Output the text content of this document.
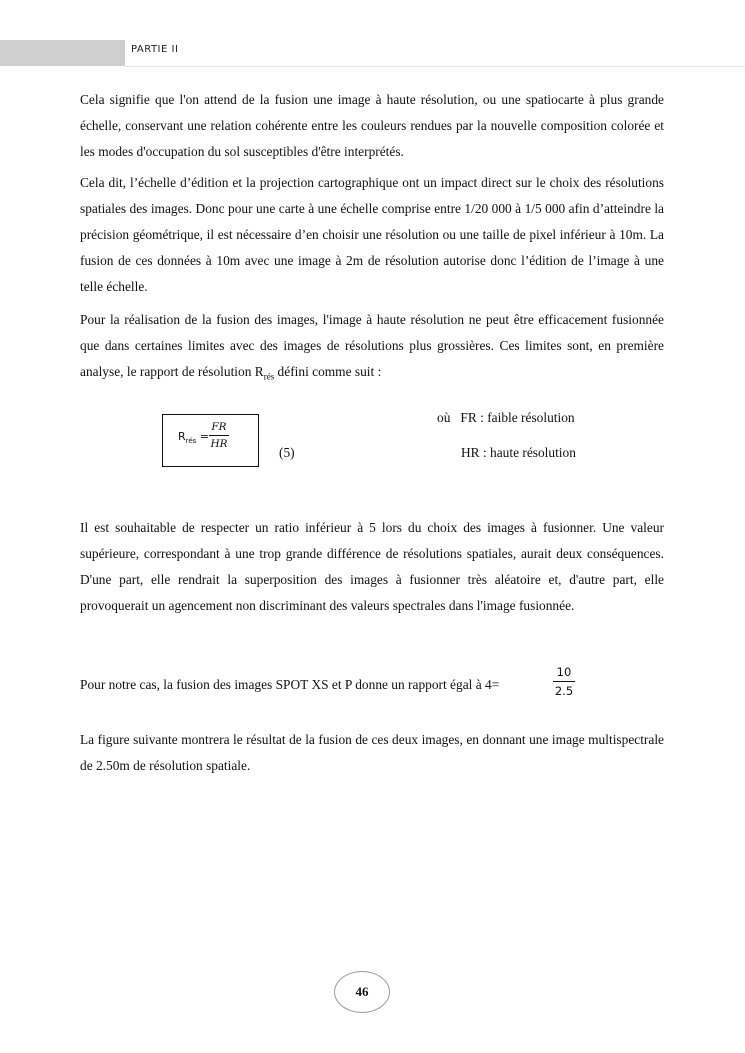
PARTIE II

Cela signifie que l'on attend de la fusion une image à haute résolution, ou une spatiocarte à plus grande échelle, conservant une relation cohérente entre les couleurs rendues par la nouvelle composition colorée et les modes d'occupation du sol susceptibles d'être interprétés.

Cela dit, l’échelle d’édition et la projection cartographique ont un impact direct sur le choix des résolutions spatiales des images. Donc pour une carte à une échelle comprise entre 1/20 000 à 1/5 000 afin d’atteindre la précision géométrique, il est nécessaire d’en choisir une résolution ou une taille de pixel inférieur à 10m. La fusion de ces données à 10m avec une image à 2m de résolution autorise donc l’édition de l’image à une telle échelle.

Pour la réalisation de la fusion des images, l'image à haute résolution ne peut être efficacement fusionnée que dans certaines limites avec des images de résolutions plus grossières. Ces limites sont, en première analyse, le rapport de résolution $R_{rés}$ défini comme suit :

$R_{rés}$ =
FR
HR
(5)
où   FR : faible résolution
HR : haute résolution

Il est souhaitable de respecter un ratio inférieur à 5 lors du choix des images à fusionner. Une valeur supérieure, correspondant à une trop grande différence de résolutions spatiales, aurait deux conséquences. D'une part, elle rendrait la superposition des images à fusionner très aléatoire et, d'autre part, elle provoquerait un agencement non discriminant des valeurs spectrales dans l'image fusionnée.

Pour notre cas, la fusion des images SPOT XS et P donne un rapport égal à 4=
10
2.5

La figure suivante montrera le résultat de la fusion de ces deux images, en donnant une image multispectrale de 2.50m de résolution spatiale.

46
